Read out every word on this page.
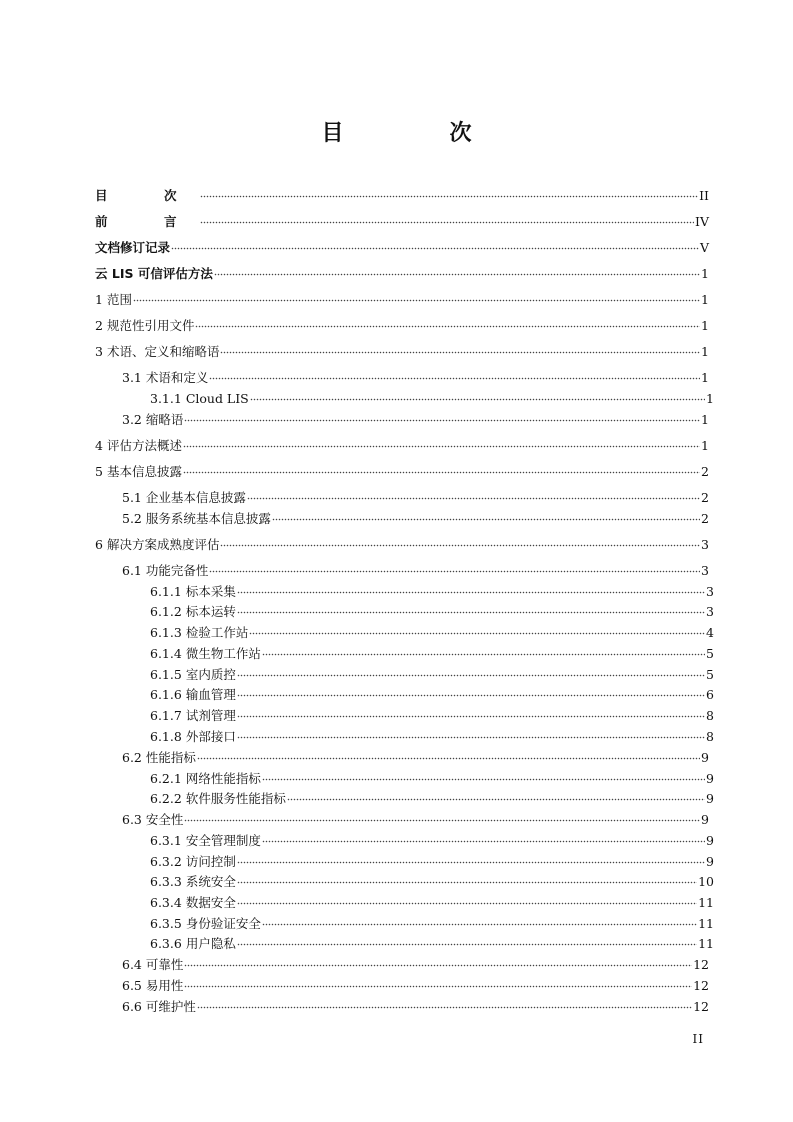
目　次
目　次	II
前　言	IV
文档修订记录	V
云 LIS 可信评估方法	1
1 范围	1
2 规范性引用文件	1
3 术语、定义和缩略语	1
3.1 术语和定义	1
3.1.1 Cloud LIS	1
3.2 缩略语	1
4 评估方法概述	1
5 基本信息披露	2
5.1 企业基本信息披露	2
5.2 服务系统基本信息披露	2
6 解决方案成熟度评估	3
6.1 功能完备性	3
6.1.1 标本采集	3
6.1.2 标本运转	3
6.1.3 检验工作站	4
6.1.4 微生物工作站	5
6.1.5 室内质控	5
6.1.6 输血管理	6
6.1.7 试剂管理	8
6.1.8 外部接口	8
6.2 性能指标	9
6.2.1 网络性能指标	9
6.2.2 软件服务性能指标	9
6.3 安全性	9
6.3.1 安全管理制度	9
6.3.2 访问控制	9
6.3.3 系统安全	10
6.3.4 数据安全	11
6.3.5 身份验证安全	11
6.3.6 用户隐私	11
6.4 可靠性	12
6.5 易用性	12
6.6 可维护性	12
II
